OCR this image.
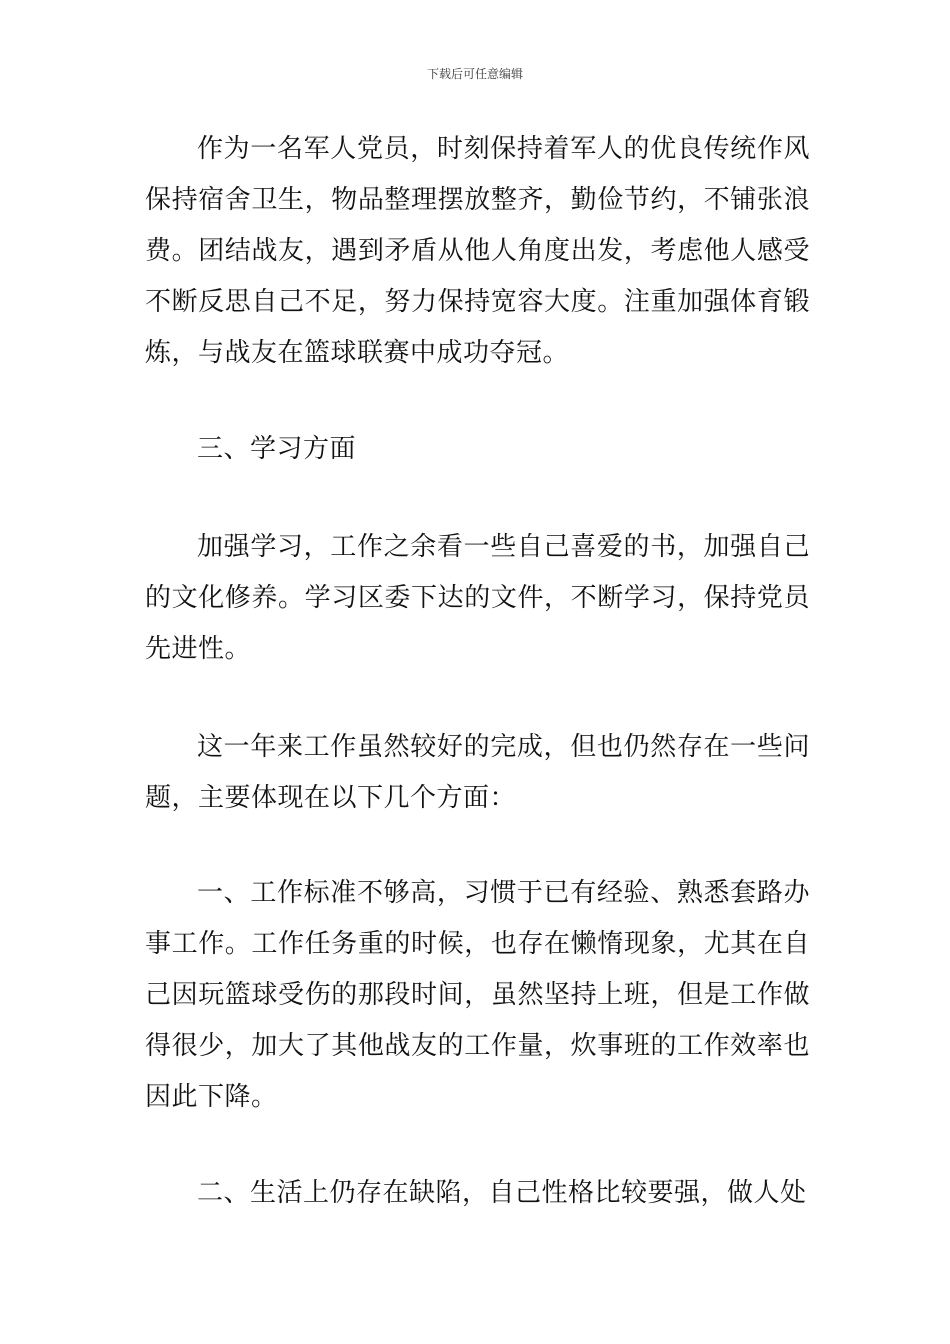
下载后可任意编辑

作为一名军人党员，时刻保持着军人的优良传统作风保持宿舍卫生，物品整理摆放整齐，勤俭节约，不铺张浪费。团结战友，遇到矛盾从他人角度出发，考虑他人感受不断反思自己不足，努力保持宽容大度。注重加强体育锻炼，与战友在篮球联赛中成功夺冠。

三、学习方面

加强学习，工作之余看一些自己喜爱的书，加强自己的文化修养。学习区委下达的文件，不断学习，保持党员先进性。

这一年来工作虽然较好的完成，但也仍然存在一些问题，主要体现在以下几个方面：

一、工作标准不够高，习惯于已有经验、熟悉套路办事工作。工作任务重的时候，也存在懒惰现象，尤其在自己因玩篮球受伤的那段时间，虽然坚持上班，但是工作做得很少，加大了其他战友的工作量，炊事班的工作效率也因此下降。

二、生活上仍存在缺陷，自己性格比较要强，做人处
